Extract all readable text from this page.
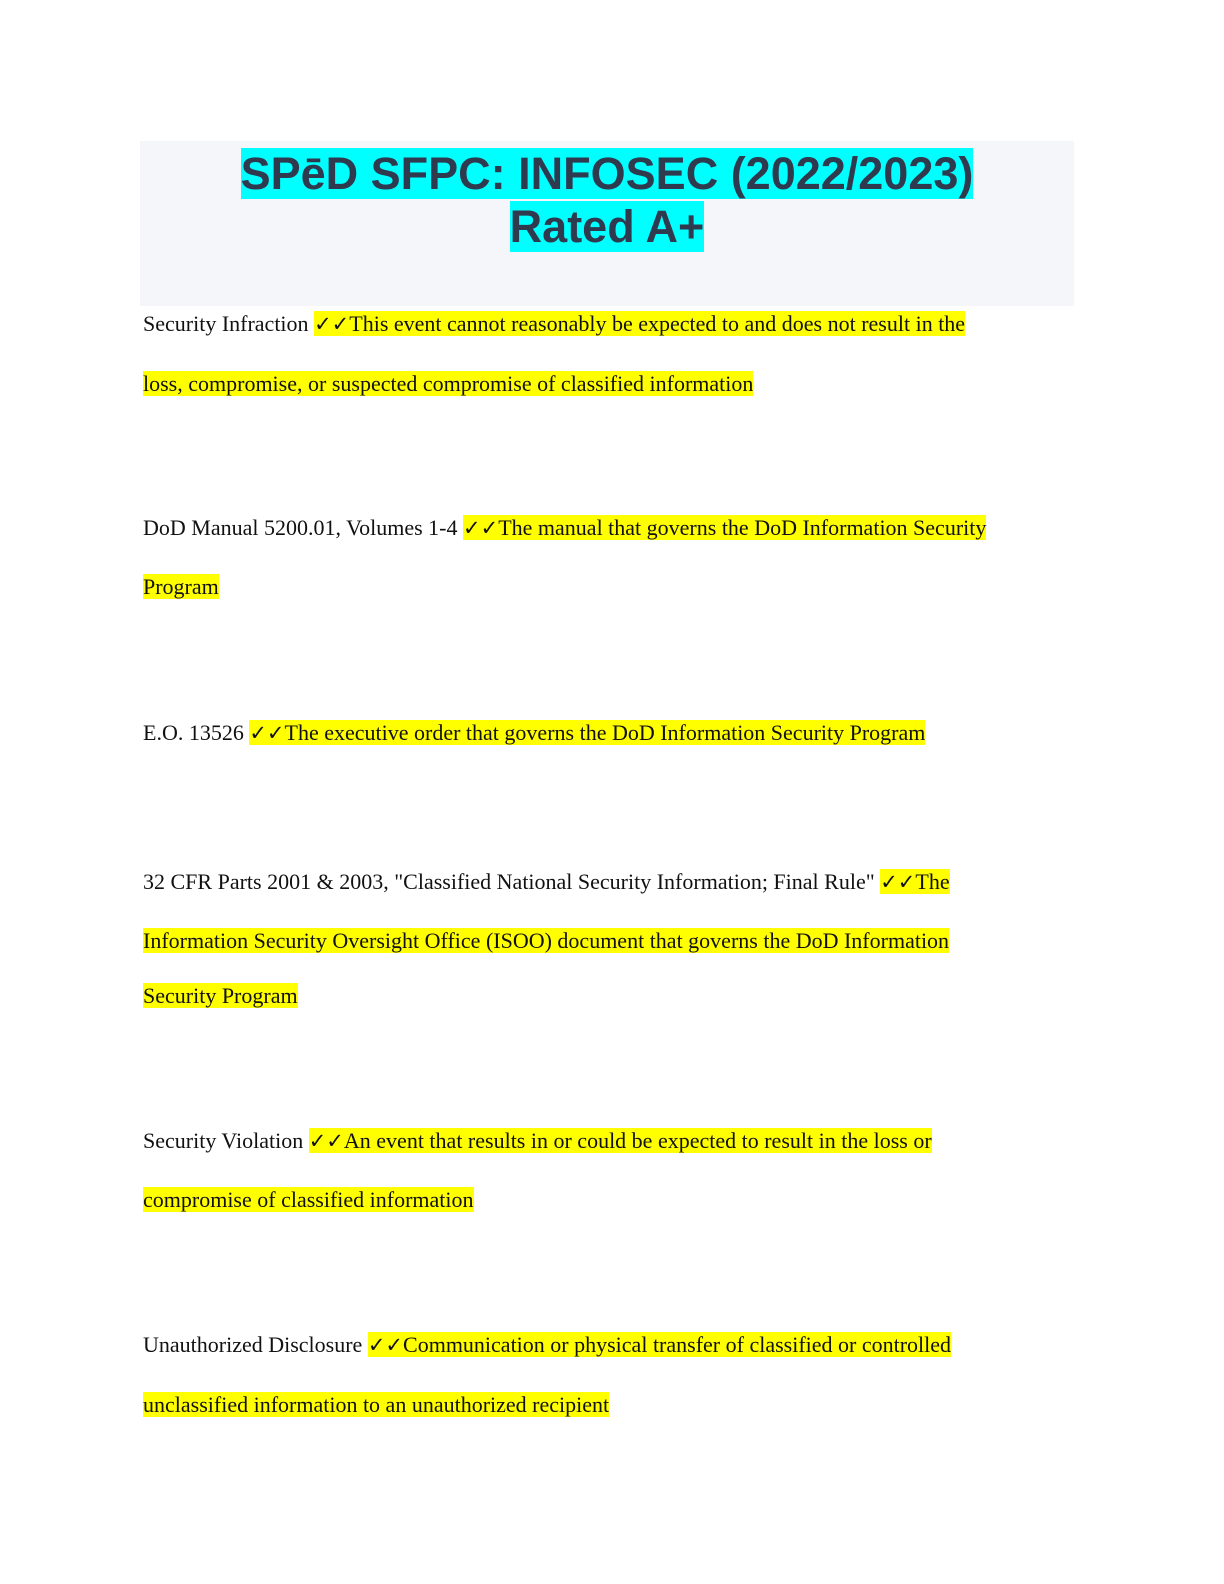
SPēD SFPC: INFOSEC (2022/2023)
Rated A+
Security Infraction ✓✓This event cannot reasonably be expected to and does not result in the
loss, compromise, or suspected compromise of classified information
DoD Manual 5200.01, Volumes 1-4 ✓✓The manual that governs the DoD Information Security
Program
E.O. 13526 ✓✓The executive order that governs the DoD Information Security Program
32 CFR Parts 2001 & 2003, "Classified National Security Information; Final Rule" ✓✓The
Information Security Oversight Office (ISOO) document that governs the DoD Information
Security Program
Security Violation ✓✓An event that results in or could be expected to result in the loss or
compromise of classified information
Unauthorized Disclosure ✓✓Communication or physical transfer of classified or controlled
unclassified information to an unauthorized recipient
